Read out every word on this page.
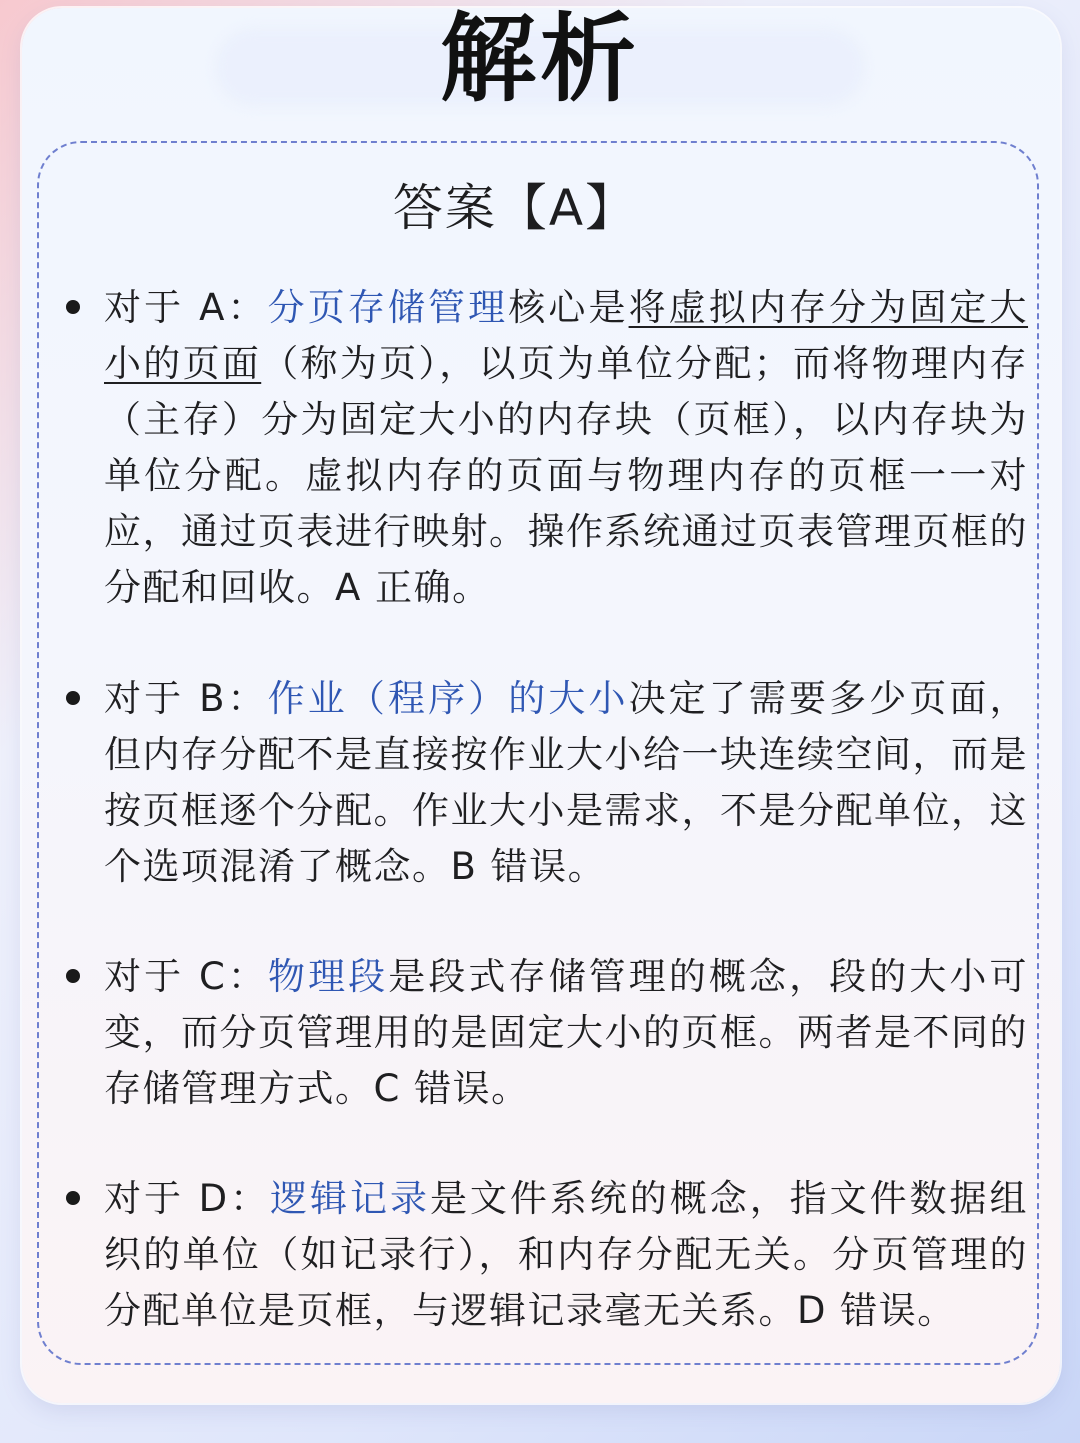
解析
答案【A】
对于 A：分页存储管理核心是将虚拟内存分为固定大小的页面（称为页），以页为单位分配；而将物理内存（主存）分为固定大小的内存块（页框），以内存块为单位分配。虚拟内存的页面与物理内存的页框一一对应，通过页表进行映射。操作系统通过页表管理页框的分配和回收。A 正确。
对于 B：作业（程序）的大小决定了需要多少页面，但内存分配不是直接按作业大小给一块连续空间，而是按页框逐个分配。作业大小是需求，不是分配单位，这个选项混淆了概念。B 错误。
对于 C：物理段是段式存储管理的概念，段的大小可变，而分页管理用的是固定大小的页框。两者是不同的存储管理方式。C 错误。
对于 D：逻辑记录是文件系统的概念，指文件数据组织的单位（如记录行），和内存分配无关。分页管理的分配单位是页框，与逻辑记录毫无关系。D 错误。
